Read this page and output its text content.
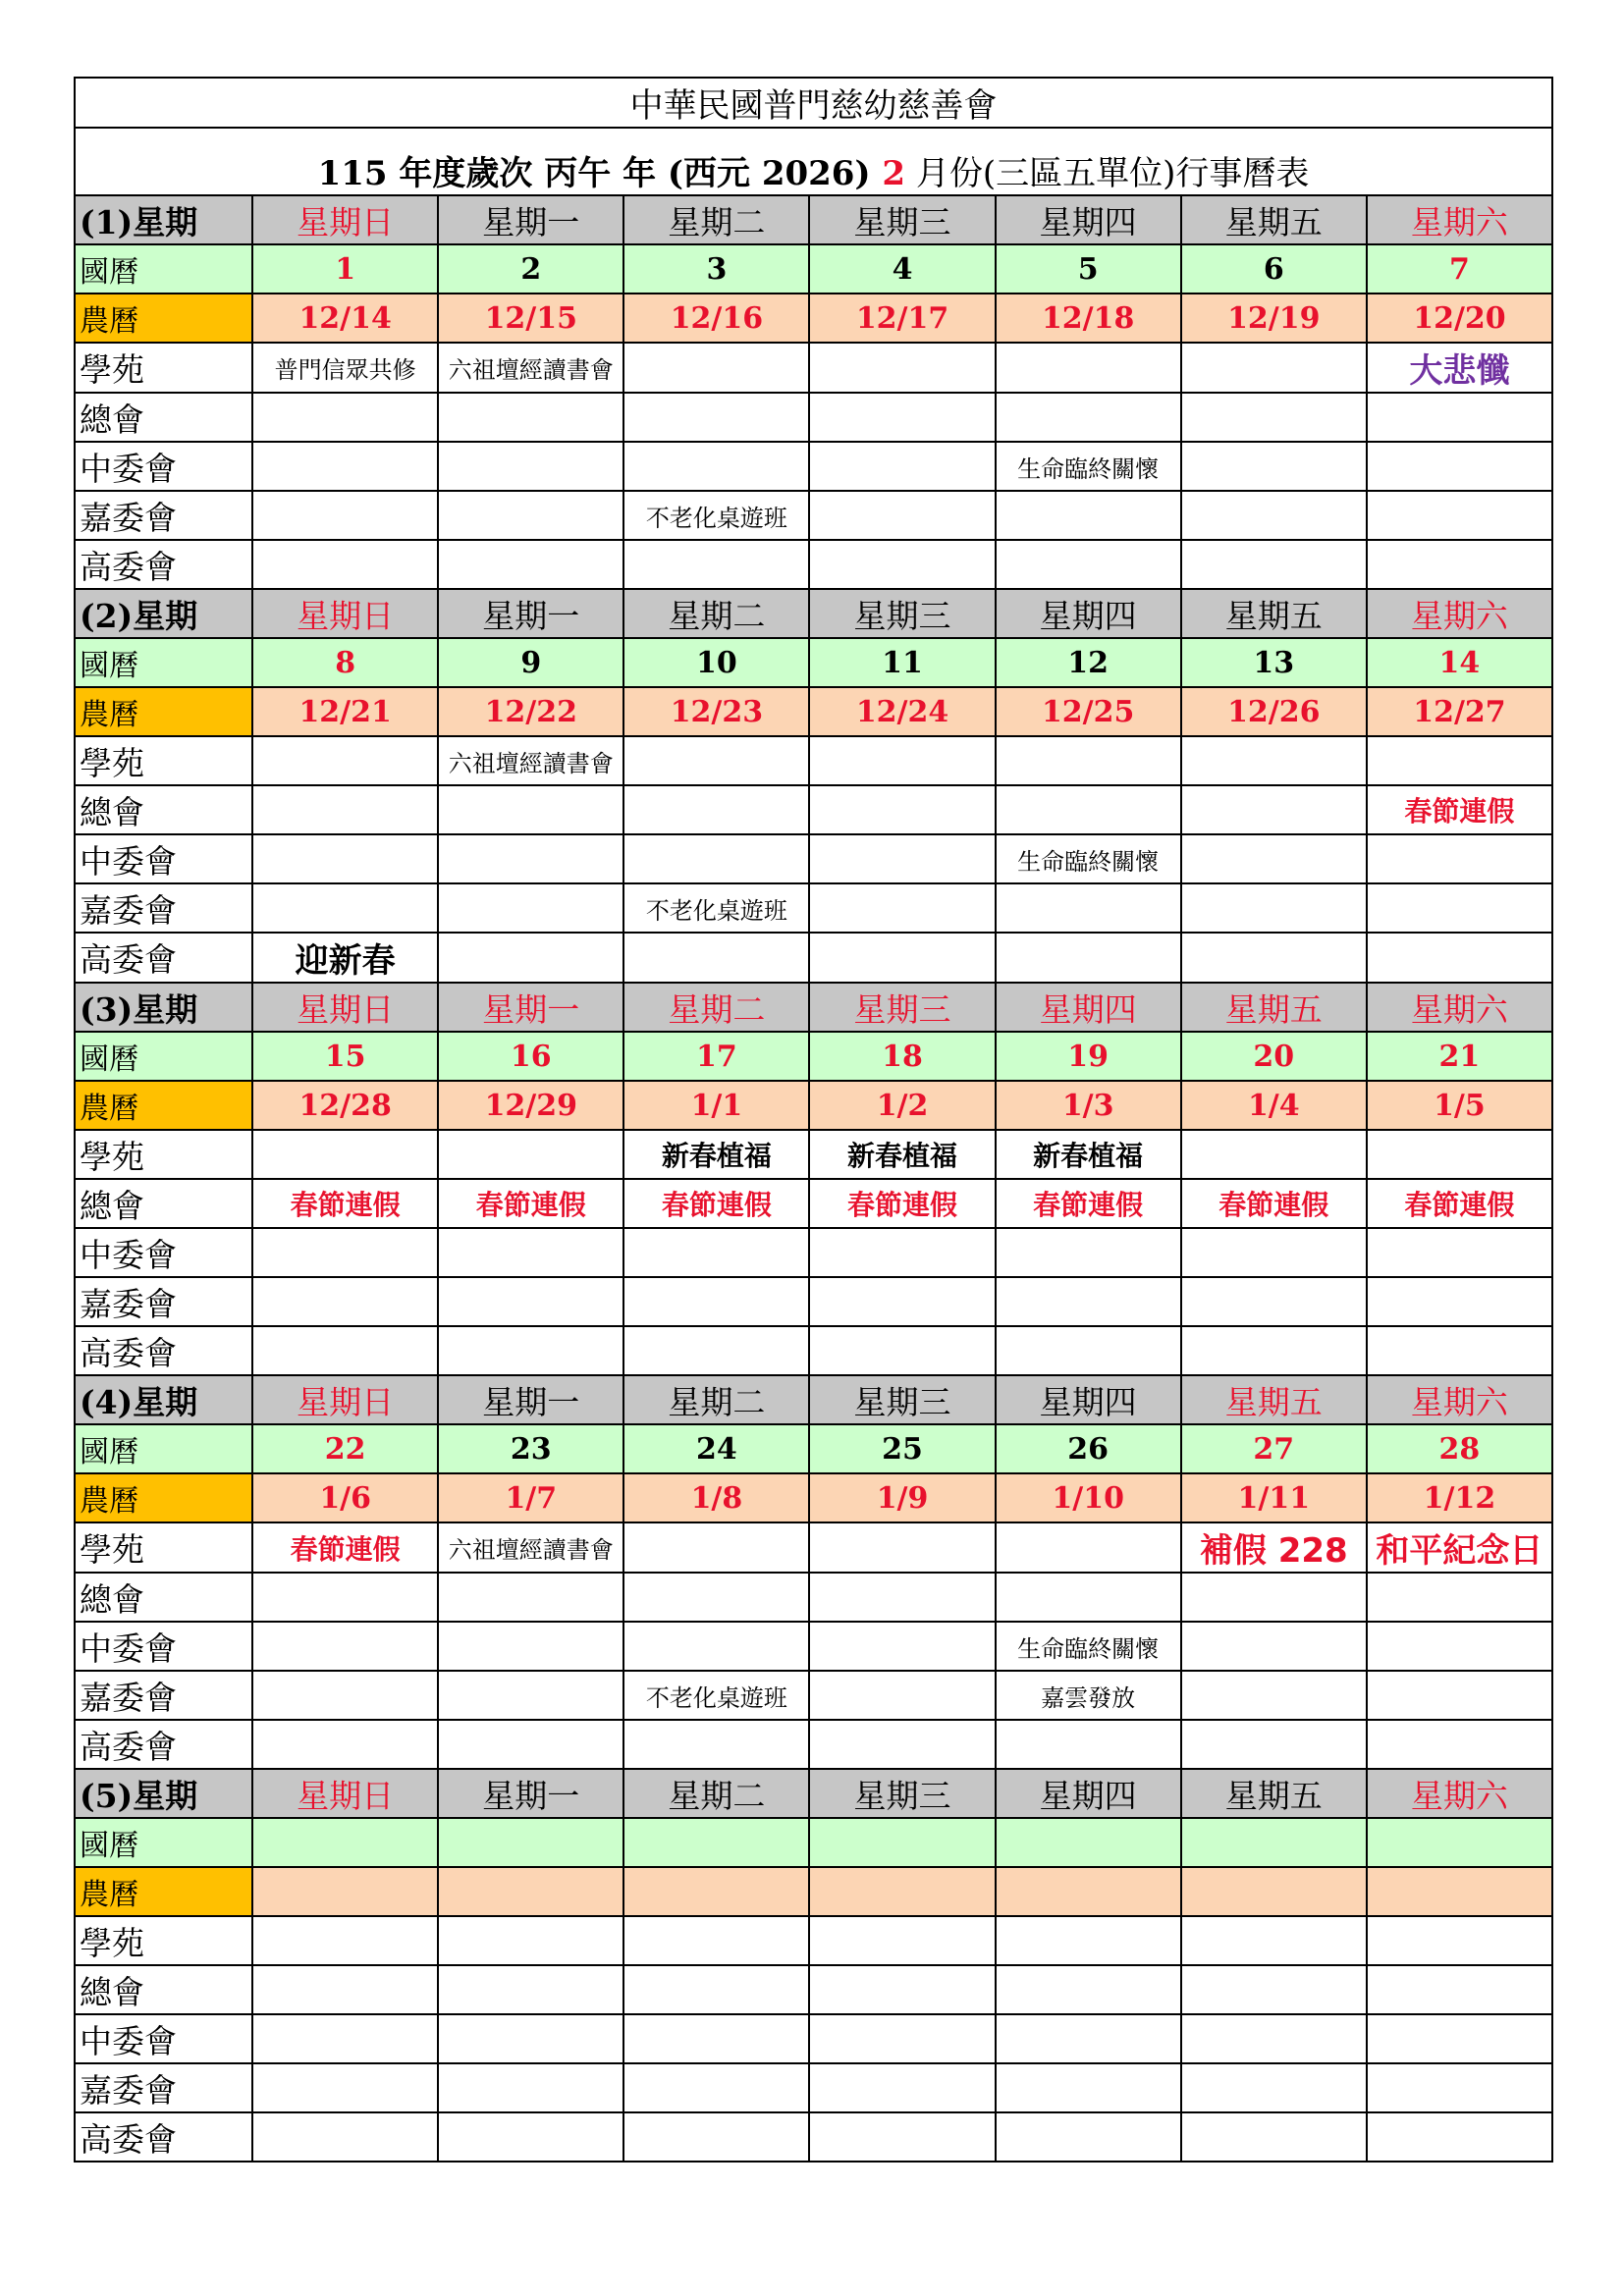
中華民國普門慈幼慈善會							
115 年度歲次 丙午 年 (西元 2026) 2 月份(三區五單位)行事曆表							
(1)星期	星期日	星期一	星期二	星期三	星期四	星期五	星期六
國曆	1	2	3	4	5	6	7
農曆	12/14	12/15	12/16	12/17	12/18	12/19	12/20
學苑	普門信眾共修	六祖壇經讀書會					大悲懺
總會							
中委會					生命臨終關懷		
嘉委會			不老化桌遊班				
高委會							
(2)星期	星期日	星期一	星期二	星期三	星期四	星期五	星期六
國曆	8	9	10	11	12	13	14
農曆	12/21	12/22	12/23	12/24	12/25	12/26	12/27
學苑		六祖壇經讀書會					
總會							春節連假
中委會					生命臨終關懷		
嘉委會			不老化桌遊班				
高委會	迎新春						
(3)星期	星期日	星期一	星期二	星期三	星期四	星期五	星期六
國曆	15	16	17	18	19	20	21
農曆	12/28	12/29	1/1	1/2	1/3	1/4	1/5
學苑			新春植福	新春植福	新春植福		
總會	春節連假	春節連假	春節連假	春節連假	春節連假	春節連假	春節連假
中委會							
嘉委會							
高委會							
(4)星期	星期日	星期一	星期二	星期三	星期四	星期五	星期六
國曆	22	23	24	25	26	27	28
農曆	1/6	1/7	1/8	1/9	1/10	1/11	1/12
學苑	春節連假	六祖壇經讀書會				補假 228	和平紀念日
總會							
中委會					生命臨終關懷		
嘉委會			不老化桌遊班		嘉雲發放		
高委會							
(5)星期	星期日	星期一	星期二	星期三	星期四	星期五	星期六
國曆							
農曆							
學苑							
總會							
中委會							
嘉委會							
高委會							
